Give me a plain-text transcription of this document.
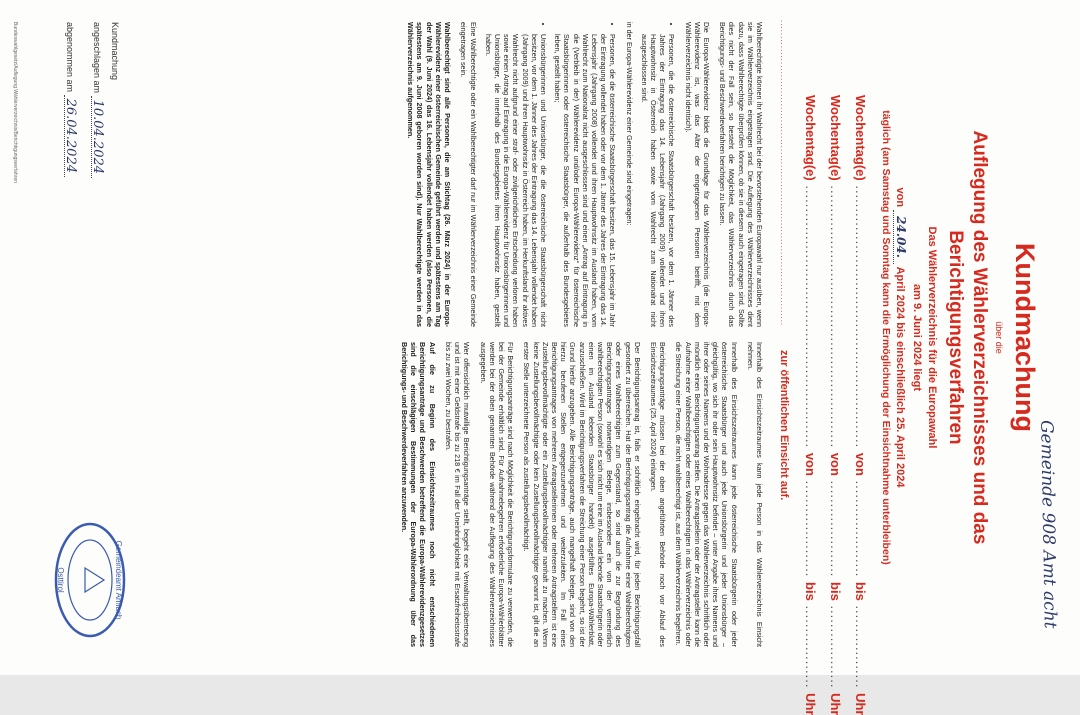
Gemeinde 908 Amt acht
Kundmachung
über die
Auflegung des Wählerverzeichnisses und das
Berichtigungsverfahren
Das Wählerverzeichnis für die Europawahl
am 9. Juni 2024 liegt
von 24.04. April 2024 bis einschließlich 25. April 2024
täglich (am Samstag und Sonntag kann die Ermöglichung der Einsichtnahme unterbleiben)
Wochentag(e) ......................................................... von ..................... bis .................. Uhr
Wochentag(e) ......................................................... von ..................... bis .................. Uhr
Wochentag(e) ......................................................... von ..................... bis .................. Uhr
...............................................................................................
zur öffentlichen Einsicht auf.

Wahlberechtigte können ihr Wahlrecht bei der bevorstehenden Europawahl nur ausüben, wenn sie im Wählerverzeichnis eingetragen sind. Die Auflegung des Wählerverzeichnisses dient dazu, dass Wahlberechtigte überprüfen können, ob sie in diesem auch eingetragen sind. Sollte dies nicht der Fall sein, so besteht die Möglichkeit, das Wählerverzeichnis durch das Berichtigungs- und Beschwerdeverfahren berichtigen zu lassen.

Die Europa-Wählerevidenz bildet die Grundlage für das Wählerverzeichnis (die Europa-Wählerevidenz ist, was das Alter der eingetragenen Personen betrifft, mit dem Wählerverzeichnis nicht identisch).

• Personen, die die österreichische Staatsbürgerschaft besitzen, vor dem 1. Jänner des Jahres der Eintragung das 14. Lebensjahr (Jahrgang 2009) vollendet und ihren Hauptwohnsitz in Österreich haben sowie vom Wahlrecht zum Nationalrat nicht ausgeschlossen sind.

in der Europa-Wählerevidenz einer Gemeinde sind eingetragen:

• Personen, die die österreichische Staatsbürgerschaft besitzen, das 15. Lebensjahr im Jahr der Eintragung vollendet haben oder vor dem 1. Jänner des Jahres der Eintragung das 14. Lebensjahr (Jahrgang 2008) vollendet und ihren Hauptwohnsitz im Ausland haben, vom Wahlrecht zum Nationalrat nicht ausgeschlossen sind und einen „Antrag auf Eintragung in die (Verbleib in der) Wählerevidenz und/oder Europa-Wählerevidenz“ für österreichische Staatsbürgerinnen oder österreichische Staatsbürger, die außerhalb des Bundesgebietes leben, gestellt haben;
• Unionsbürgerinnen und Unionsbürger, die die österreichische Staatsbürgerschaft nicht besitzen, vor dem 1. Jänner des Jahres der Eintragung das 14. Lebensjahr vollendet haben (Jahrgang 2009) und ihren Hauptwohnsitz in Österreich haben, im Herkunftsland ihr aktives Wahlrecht nicht aufgrund einer straf- oder zivilgerichtlichen Entscheidung verloren haben sowie einen Antrag auf Eintragung in die Europa-Wählerevidenz für Unionsbürgerinnen und Unionsbürger, die innerhalb des Bundesgebietes ihren Hauptwohnsitz haben, gestellt haben.

Eine Wahlberechtigte oder ein Wahlberechtigter darf nur im Wählerverzeichnis einer Gemeinde eingetragen sein.

Wahlberechtigt sind alle Personen, die am Stichtag (26. März 2024) in der Europa-Wählerevidenz einer österreichischen Gemeinde geführt werden und spätestens am Tag der Wahl (9. Juni 2024) das 16. Lebensjahr vollendet haben werden (also Personen, die spätestens am 9. Juni 2008 geboren worden sind). Nur Wahlberechtigte werden in das Wählerverzeichnis aufgenommen.

Innerhalb des Einsichtszeitraumes kann jede Person in das Wählerverzeichnis Einsicht nehmen.

Innerhalb des Einsichtszeitraumes kann jede österreichische Staatsbürgerin oder jeder österreichische Staatsbürger und auch jede Unionsbürgerin und jeder Unionsbürger – gleichgültig, wo sich ihr oder sein Hauptwohnsitz befindet – unter Angabe ihres Namens und ihrer oder seines Namens und der Wohnadresse gegen das Wählerverzeichnis schriftlich oder mündlich einen Berichtigungsantrag stellen. Die Antragstellerin oder der Antragsteller kann die Aufnahme einer Wahlberechtigten oder eines Wahlberechtigten in das Wählerverzeichnis oder die Streichung einer Person, die nicht wahlberechtigt ist, aus dem Wählerverzeichnis begehren.

Berichtigungsanträge müssen bei der oben angeführten Behörde noch vor Ablauf des Einsichtszeitraumes (25. April 2024) einlangen.

Der Berichtigungsantrag ist, falls er schriftlich eingebracht wird, für jeden Berichtigungsfall gesondert zu überreichen. Hat der Berichtigungsantrag die Aufnahme einer Wahlberechtigten oder eines Wahlberechtigten zum Gegenstand, so sind auch die zur Begründung des Berichtigungsantrages notwendigen Belege, insbesondere ein von der vermeintlich wahlberechtigten Person (sowohl es sich nicht um eine im Ausland lebende Staatsbürgerin oder einen im Ausland lebenden Staatsbürger handelt) ausgefülltes Europa-Wählerblatt, anzuschließen. Wird im Berichtigungsverfahren die Streichung einer Person begehrt, so ist der Grund hierfür anzugeben. Alle Berichtigungsanträge, auch mangelhaft belegte, sind von den hierzu berufenen Stellen entgegenzunehmen und weiterzuleiten. Im Fall eines Berichtigungsantrages von mehreren Antragstellerinnen oder mehreren Antragstellern ist eine Zustellungsbevollmächtigte oder ein Zustellungsbevollmächtigter namhaft zu machen. Wenn keine Zustellungsbevollmächtigte oder kein Zustellungsbevollmächtigter genannt ist, gilt die an erster Stelle unterzeichnete Person als zustellungsbevollmächtigt.

Für Berichtigungsanträge sind nach Möglichkeit die Berichtigungsformulare zu verwenden, die bei der Gemeinde erhältlich sind. Für Aufnahmebegehren erforderliche Europa-Wählerblätter werden bei der oben genannten Behörde während der Auflegung des Wählerverzeichnisses ausgegeben.

Wer offensichtlich mutwillige Berichtigungsanträge stellt, begeht eine Verwaltungsübertretung und ist mit einer Geldstrafe bis zu 218 € im Fall der Uneinbringlichkeit mit Ersatzfreiheitsstrafe bis zu zwei Wochen, zu bestrafen.

Auf die zu Beginn des Einsichtszeitraumes noch nicht entschiedenen Berichtigungsanträge und Beschwerden betreffend die Europa-Wählerevidenzgesetzes sind die einschlägigen Bestimmungen der Europa-Wählerordnung über das Berichtigungs- und Beschwerdeverfahren anzuwenden.

Kundmachung
angeschlagen am 10.04.2024
abgenommen am 26.04.2024
Gemeindeamt Amlach
Osttirol
Bundeswahlgesetz/Auflegung Wählerverzeichnis/Berichtigungsverfahren
